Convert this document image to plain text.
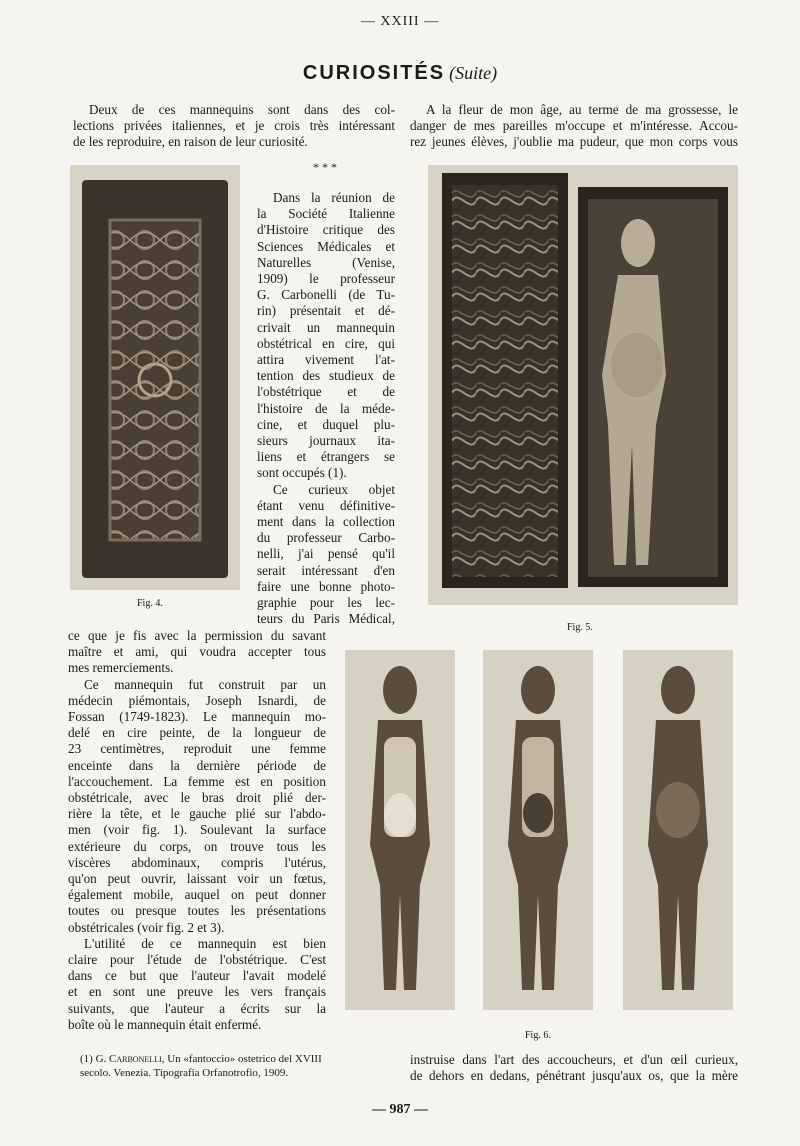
— XXIII —
CURIOSITÉS (Suite)
Deux de ces mannequins sont dans des col-
lections privées italiennes, et je crois très intéressant
de les reproduire, en raison de leur curiosité.
A la fleur de mon âge, au terme de ma grossesse, le
danger de mes pareilles m'occupe et m'intéresse. Accou-
rez jeunes élèves, j'oublie ma pudeur, que mon corps vous
* * *
Fig. 4.
Dans la réunion de
la Société Italienne
d'Histoire critique des
Sciences Médicales et
Naturelles (Venise,
1909) le professeur
G. Carbonelli (de Tu-
rin) présentait et dé-
crivait un mannequin
obstétrical en cire, qui
attira vivement l'at-
tention des studieux de
l'obstétrique et de
l'histoire de la méde-
cine, et duquel plu-
sieurs journaux ita-
liens et étrangers se
sont occupés (1).
Ce curieux objet
étant venu définitive-
ment dans la collection
du professeur Carbo-
nelli, j'ai pensé qu'il
serait intéressant d'en
faire une bonne photo-
graphie pour les lec-
teurs du Paris Médical,
Fig. 5.
ce que je fis avec la permission du savant
maître et ami, qui voudra accepter tous
mes remerciements.
Ce mannequin fut construit par un
médecin piémontais, Joseph Isnardi, de
Fossan (1749-1823). Le mannequin mo-
delé en cire peinte, de la longueur de
23 centimètres, reproduit une femme
enceinte dans la dernière période de
l'accouchement. La femme est en position
obstétricale, avec le bras droit plié der-
rière la tête, et le gauche plié sur l'abdo-
men (voir fig. 1). Soulevant la surface
extérieure du corps, on trouve tous les
viscères abdominaux, compris l'utérus,
qu'on peut ouvrir, laissant voir un fœtus,
également mobile, auquel on peut donner
toutes ou presque toutes les présentations
obstétricales (voir fig. 2 et 3).
L'utilité de ce mannequin est bien
claire pour l'étude de l'obstétrique. C'est
dans ce but que l'auteur l'avait modelé
et en sont une preuve les vers français
suivants, que l'auteur a écrits sur la
boîte où le mannequin était enfermé.
Fig. 6.
(1) G. Carbonelli, Un «fantoccio» ostetrico del XVIII
secolo. Venezia. Tipografia Orfanotrofio, 1909.
instruise dans l'art des accoucheurs, et d'un œil curieux,
de dehors en dedans, pénétrant jusqu'aux os, que la mère
— 987 —
